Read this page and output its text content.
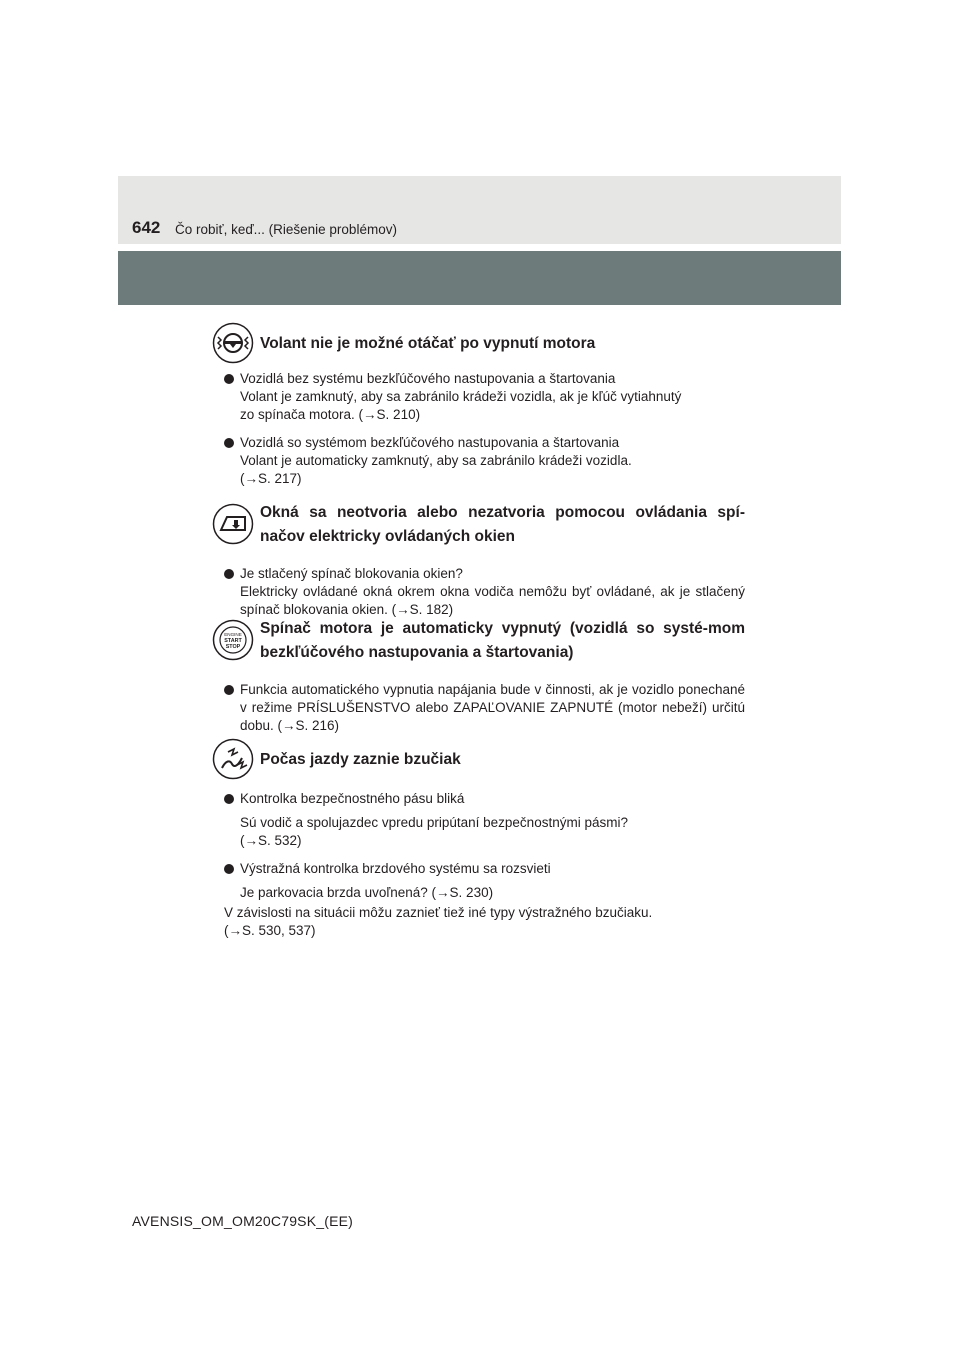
642 Čo robiť, keď... (Riešenie problémov)
Volant nie je možné otáčať po vypnutí motora
Vozidlá bez systému bezkľúčového nastupovania a štartovania
Volant je zamknutý, aby sa zabránilo krádeži vozidla, ak je kľúč vytiahnutý
zo spínača motora. (→S. 210)
Vozidlá so systémom bezkľúčového nastupovania a štartovania
Volant je automaticky zamknutý, aby sa zabránilo krádeži vozidla.
(→S. 217)
Okná sa neotvoria alebo nezatvoria pomocou ovládania spí-načov elektricky ovládaných okien
Je stlačený spínač blokovania okien?
Elektricky ovládané okná okrem okna vodiča nemôžu byť ovládané, ak je stlačený spínač blokovania okien. (→S. 182)
ENGINE
START
STOP
Spínač motora je automaticky vypnutý (vozidlá so systé-mom bezkľúčového nastupovania a štartovania)
Funkcia automatického vypnutia napájania bude v činnosti, ak je vozidlo ponechané v režime PRÍSLUŠENSTVO alebo ZAPAĽOVANIE ZAPNUTÉ (motor nebeží) určitú dobu. (→S. 216)
Počas jazdy zaznie bzučiak
Kontrolka bezpečnostného pásu bliká
Sú vodič a spolujazdec vpredu pripútaní bezpečnostnými pásmi?
(→S. 532)
Výstražná kontrolka brzdového systému sa rozsvieti
Je parkovacia brzda uvoľnená? (→S. 230)
V závislosti na situácii môžu zaznieť tiež iné typy výstražného bzučiaku.
(→S. 530, 537)
AVENSIS_OM_OM20C79SK_(EE)
